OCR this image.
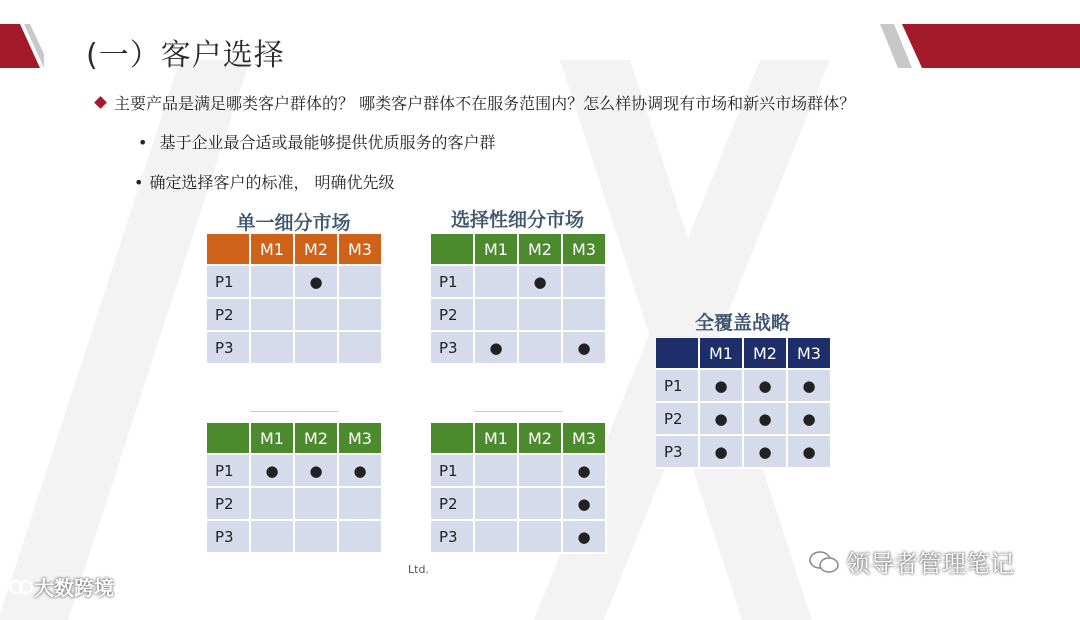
(一）客户选择
主要产品是满足哪类客户群体的？ 哪类客户群体不在服务范围内？怎么样协调现有市场和新兴市场群体？
• 基于企业最合适或最能够提供优质服务的客户群
• 确定选择客户的标准， 明确优先级
单一细分市场	选择性细分市场
全覆盖战略
	M1	M2	M3
P1		●	
P2			
P3			
	M1	M2	M3
P1		●	
P2			
P3	●		●
	M1	M2	M3
P1	●	●	●
P2			
P3			
	M1	M2	M3
P1			●
P2			●
P3			●
	M1	M2	M3
P1	●	●	●
P2	●	●	●
P3	●	●	●
Ltd.
大数跨境
领导者管理笔记
